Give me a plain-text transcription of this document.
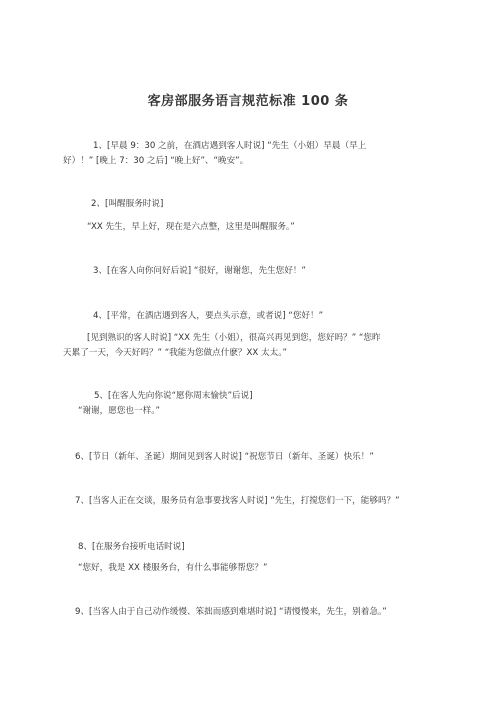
客房部服务语言规范标准 100 条
1、[早晨 9：30 之前，在酒店遇到客人时说] “先生（小姐）早晨（早上
好）！” [晚上 7：30 之后] “晚上好”、“晚安”。
2、[叫醒服务时说]
“XX 先生，早上好，现在是六点整，这里是叫醒服务。”
3、[在客人向你问好后说] “很好，谢谢您，先生您好！”
4、[平常，在酒店遇到客人，要点头示意，或者说] “您好！”
[见到熟识的客人时说] “XX 先生（小姐），很高兴再见到您，您好吗？” “您昨
天累了一天，今天好吗？” “我能为您做点什麽？XX 太太。”
5、[在客人先向你说“愿你周末愉快”后说]
“谢谢，愿您也一样。”
6、[节日（新年、圣诞）期间见到客人时说] “祝您节日（新年、圣诞）快乐！”
7、[当客人正在交谈，服务员有急事要找客人时说] “先生，打搅您们一下，能够吗？”
8、[在服务台接听电话时说]
“您好，我是 XX 楼服务台，有什么事能够帮您？”
9、[当客人由于自己动作缓慢、笨拙而感到难堪时说] “请慢慢来，先生，别着急。”
